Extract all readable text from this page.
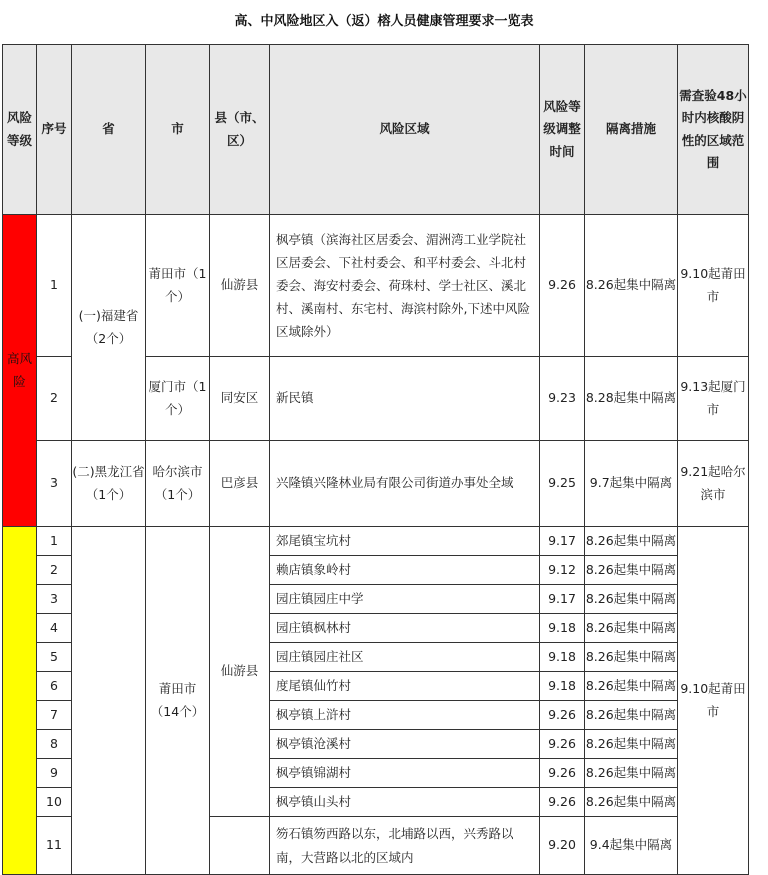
高、中风险地区入（返）榕人员健康管理要求一览表
风险等级	序号	省	市	县（市、区）	风险区域	风险等级调整时间	隔离措施	需查验48小时内核酸阴性的区域范围
高风险	1	(一)福建省（2个）	莆田市（1个）	仙游县	枫亭镇（滨海社区居委会、湄洲湾工业学院社区居委会、下社村委会、和平村委会、斗北村委会、海安村委会、荷珠村、学士社区、溪北村、溪南村、东宅村、海滨村除外,下述中风险区域除外）	9.26	8.26起集中隔离	9.10起莆田市
	2		厦门市（1个）	同安区	新民镇	9.23	8.28起集中隔离	9.13起厦门市
	3	(二)黑龙江省（1个）	哈尔滨市（1个）	巴彦县	兴隆镇兴隆林业局有限公司街道办事处全域	9.25	9.7起集中隔离	9.21起哈尔滨市
	1		莆田市（14个）	仙游县	郊尾镇宝坑村	9.17	8.26起集中隔离	9.10起莆田市
	2				赖店镇象岭村	9.12	8.26起集中隔离	
	3				园庄镇园庄中学	9.17	8.26起集中隔离	
	4				园庄镇枫林村	9.18	8.26起集中隔离	
	5				园庄镇园庄社区	9.18	8.26起集中隔离	
	6				度尾镇仙竹村	9.18	8.26起集中隔离	
	7				枫亭镇上浒村	9.26	8.26起集中隔离	
	8				枫亭镇沧溪村	9.26	8.26起集中隔离	
	9				枫亭镇锦湖村	9.26	8.26起集中隔离	
	10				枫亭镇山头村	9.26	8.26起集中隔离	
	11				笏石镇笏西路以东，北埔路以西，兴秀路以南，大营路以北的区域内	9.20	9.4起集中隔离	
